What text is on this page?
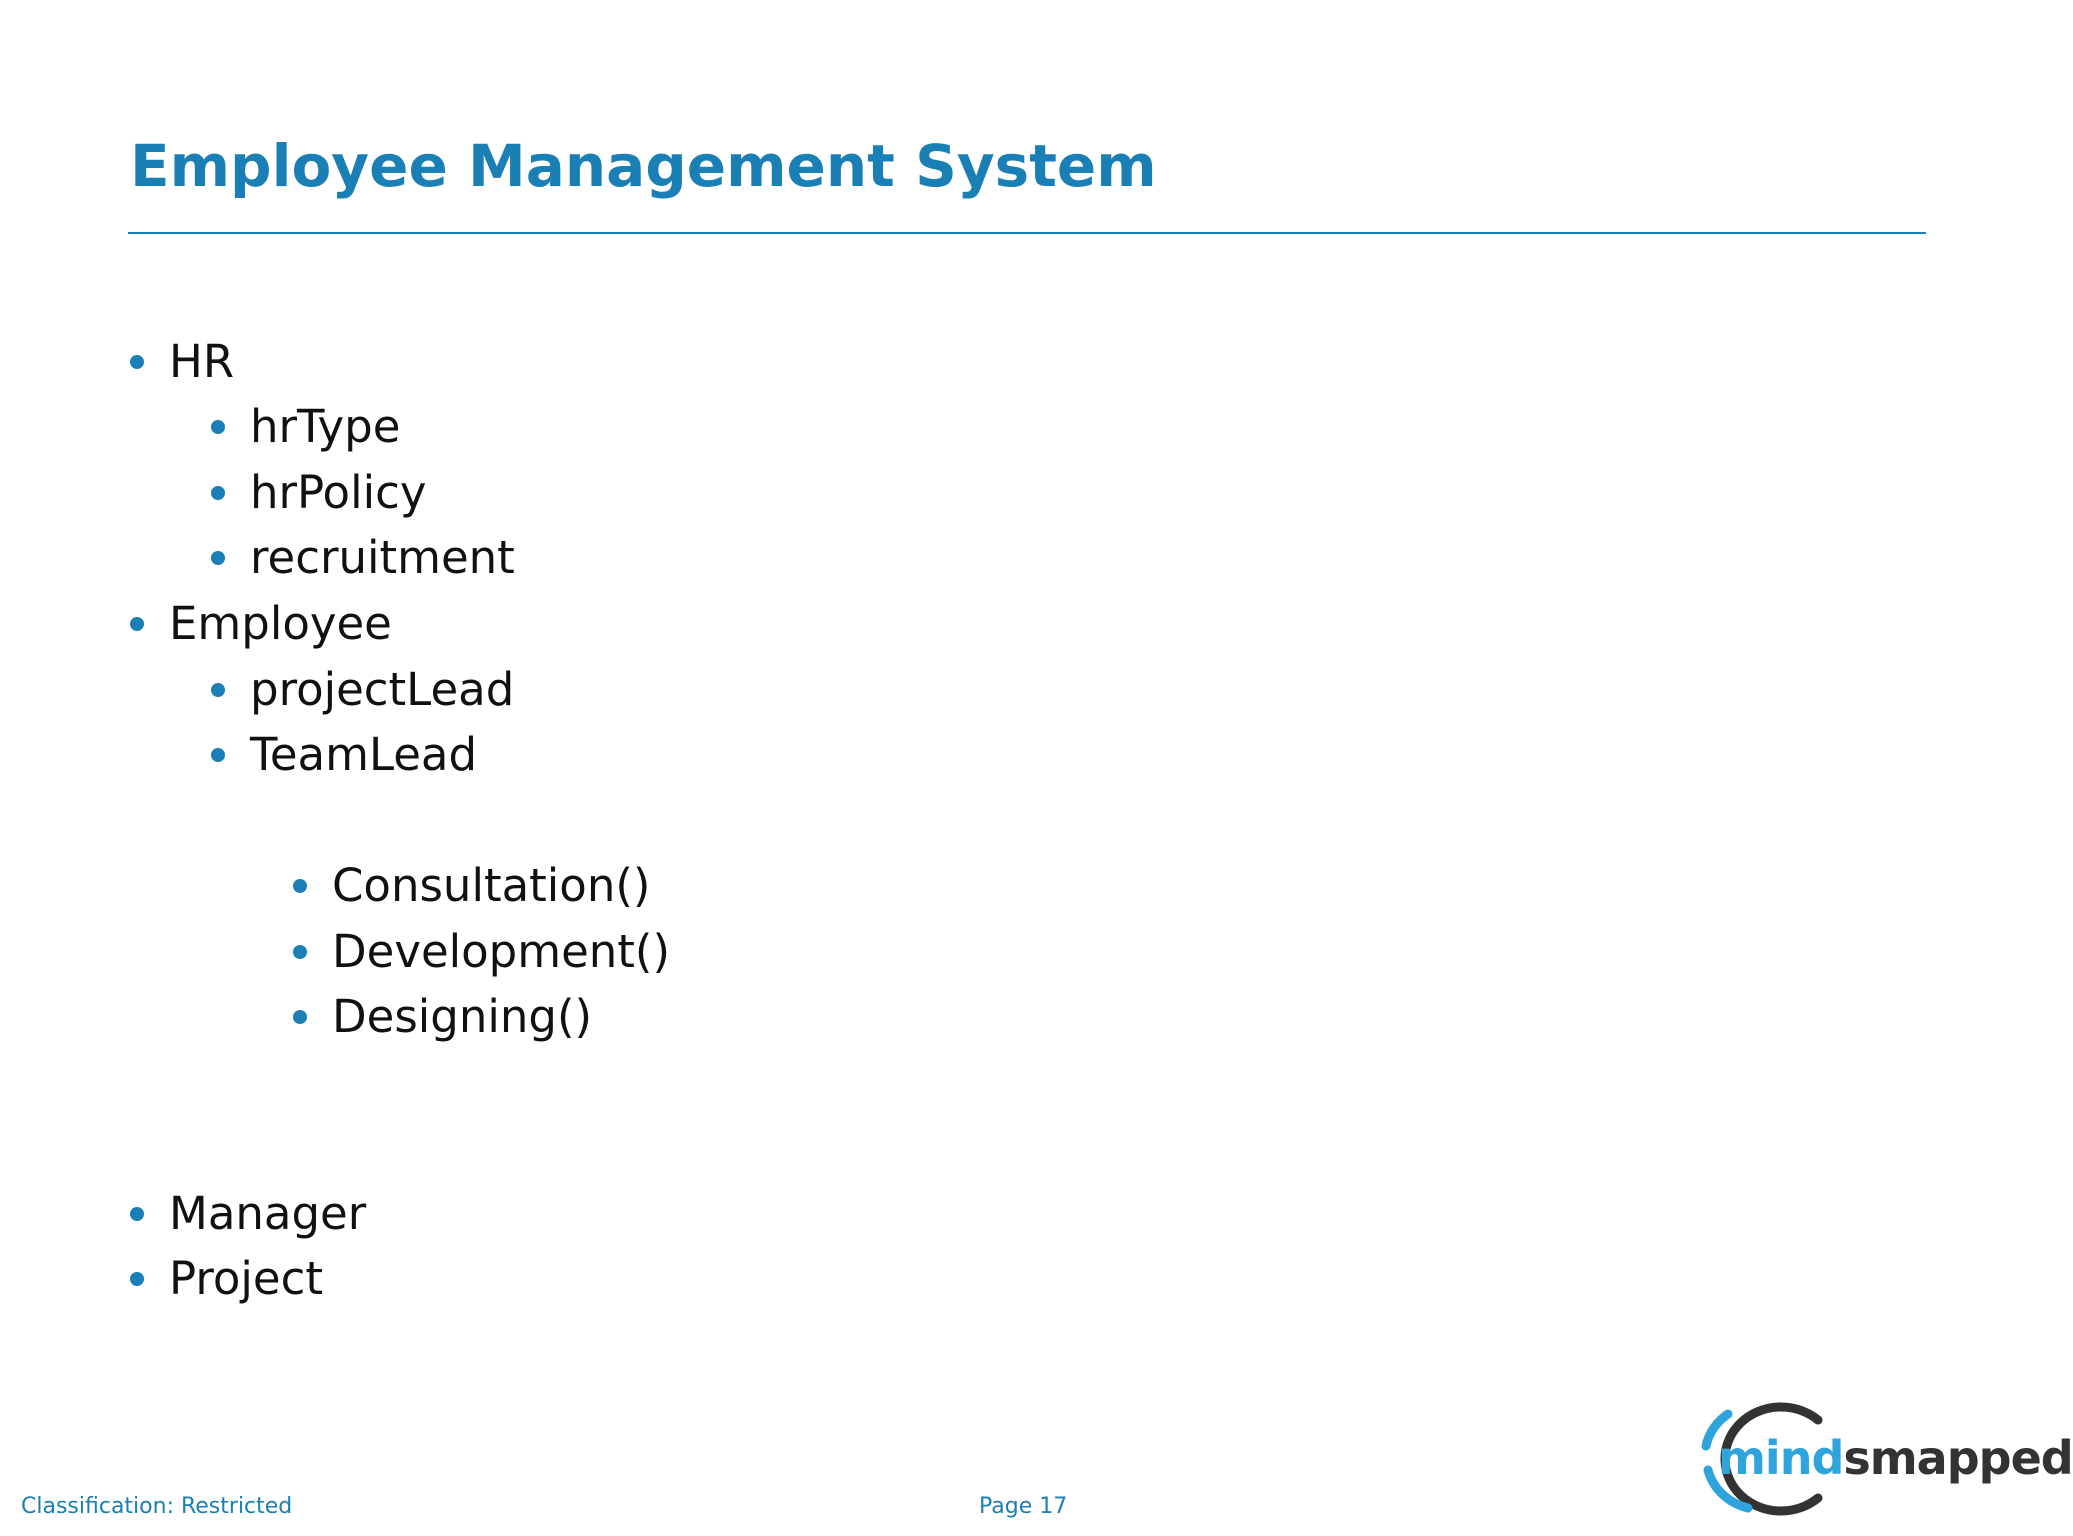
Employee Management System
HR
hrType
hrPolicy
recruitment
Employee
projectLead
TeamLead
Consultation()
Development()
Designing()
Manager
Project
Classification: Restricted	Page 17
mindsmapped
